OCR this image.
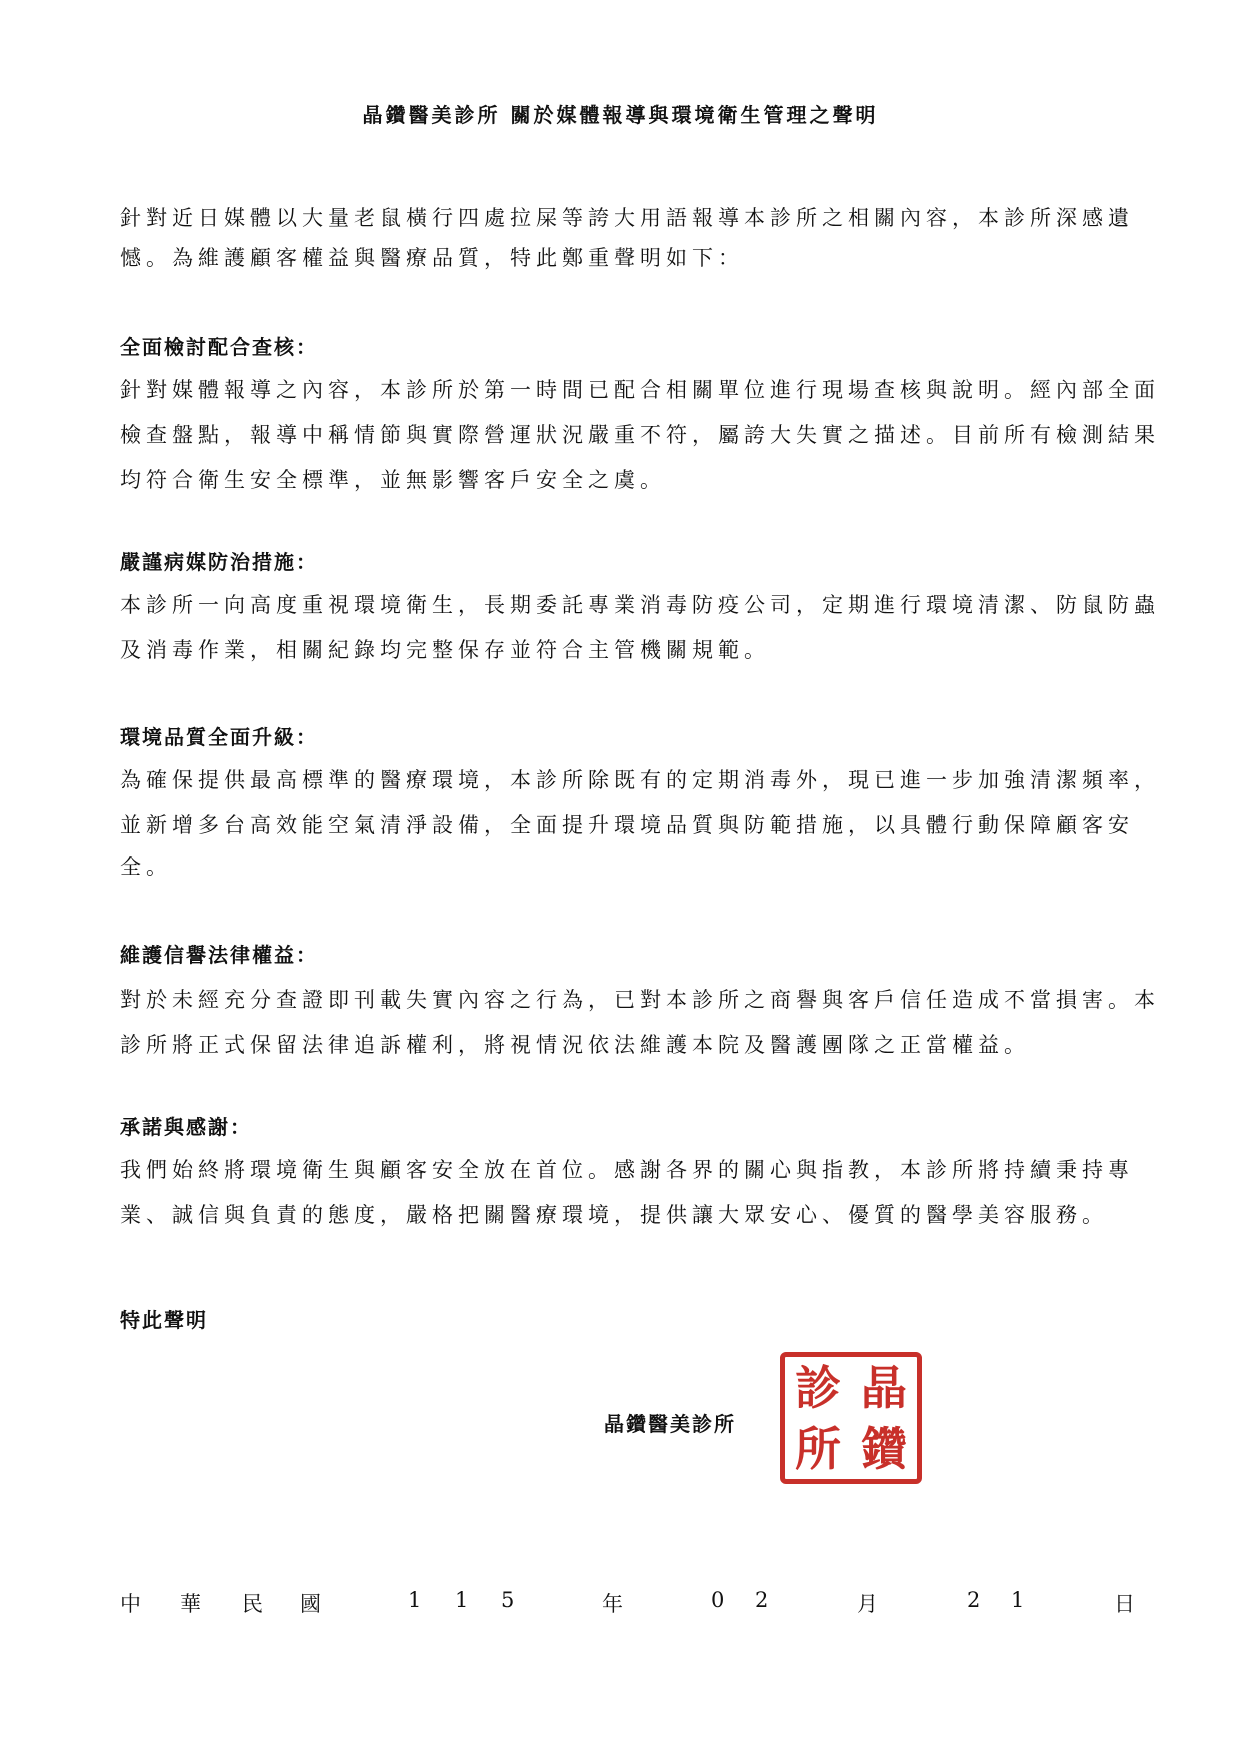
晶鑽醫美診所 關於媒體報導與環境衛生管理之聲明
針對近日媒體以大量老鼠橫行四處拉屎等誇大用語報導本診所之相關內容，本診所深感遺
憾。為維護顧客權益與醫療品質，特此鄭重聲明如下：
全面檢討配合查核：
針對媒體報導之內容，本診所於第一時間已配合相關單位進行現場查核與說明。經內部全面
檢查盤點，報導中稱情節與實際營運狀況嚴重不符，屬誇大失實之描述。目前所有檢測結果
均符合衛生安全標準，並無影響客戶安全之虞。
嚴謹病媒防治措施：
本診所一向高度重視環境衛生，長期委託專業消毒防疫公司，定期進行環境清潔、防鼠防蟲
及消毒作業，相關紀錄均完整保存並符合主管機關規範。
環境品質全面升級：
為確保提供最高標準的醫療環境，本診所除既有的定期消毒外，現已進一步加強清潔頻率，
並新增多台高效能空氣清淨設備，全面提升環境品質與防範措施，以具體行動保障顧客安
全。
維護信譽法律權益：
對於未經充分查證即刊載失實內容之行為，已對本診所之商譽與客戶信任造成不當損害。本
診所將正式保留法律追訴權利，將視情況依法維護本院及醫護團隊之正當權益。
承諾與感謝：
我們始終將環境衛生與顧客安全放在首位。感謝各界的關心與指教，本診所將持續秉持專
業、誠信與負責的態度，嚴格把關醫療環境，提供讓大眾安心、優質的醫學美容服務。
特此聲明
晶鑽醫美診所
晶
診
鑽
所
中 華 民 國	1 1 5	年	0 2	月	2 1	日
